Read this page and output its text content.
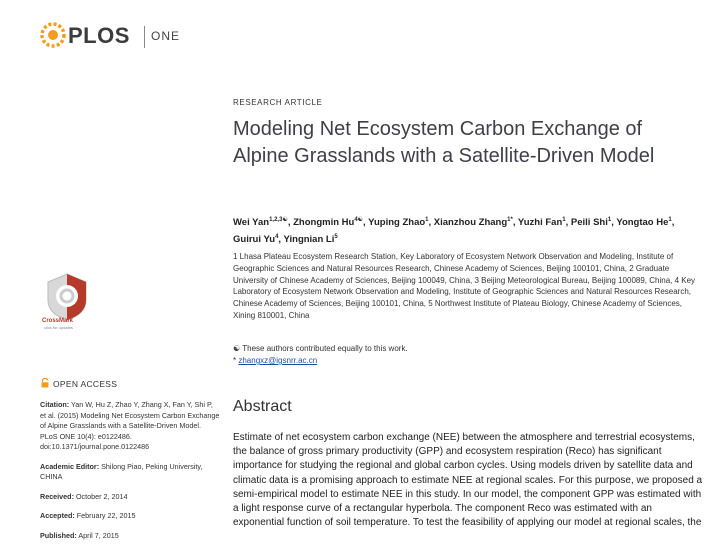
PLOS ONE
RESEARCH ARTICLE
Modeling Net Ecosystem Carbon Exchange of Alpine Grasslands with a Satellite-Driven Model
Wei Yan$^{1,2,3☯}$, Zhongmin $Hu^{4☯}$, Yuping Zhao$^1$, Xianzhou Zhang$^{1*}$, Yuzhi Fan$^1$, Peili Shi$^1$, Yongtao He$^1$, Guirui Yu$^4$, Yingnian Li$^5$
1 Lhasa Plateau Ecosystem Research Station, Key Laboratory of Ecosystem Network Observation and Modeling, Institute of Geographic Sciences and Natural Resources Research, Chinese Academy of Sciences, Beijing 100101, China, 2 Graduate University of Chinese Academy of Sciences, Beijing 100049, China, 3 Beijing Meteorological Bureau, Beijing 100089, China, 4 Key Laboratory of Ecosystem Network Observation and Modeling, Institute of Geographic Sciences and Natural Resources Research, Chinese Academy of Sciences, Beijing 100101, China, 5 Northwest Institute of Plateau Biology, Chinese Academy of Sciences, Xining 810001, China
☯ These authors contributed equally to this work.
* zhangxz@igsnrr.ac.cn
CrossMark
click for updates
OPEN ACCESS
Citation: Yan W, Hu Z, Zhao Y, Zhang X, Fan Y, Shi P, et al. (2015) Modeling Net Ecosystem Carbon Exchange of Alpine Grasslands with a Satellite-Driven Model. PLoS ONE 10(4): e0122486. doi:10.1371/journal.pone.0122486
Academic Editor: Shilong Piao, Peking University, CHINA
Received: October 2, 2014
Accepted: February 22, 2015
Published: April 7, 2015
Abstract
Estimate of net ecosystem carbon exchange (NEE) between the atmosphere and terrestrial ecosystems, the balance of gross primary productivity (GPP) and ecosystem respiration (Reco) has significant importance for studying the regional and global carbon cycles. Using models driven by satellite data and climatic data is a promising approach to estimate NEE at regional scales. For this purpose, we proposed a semi-empirical model to estimate NEE in this study. In our model, the component GPP was estimated with a light response curve of a rectangular hyperbola. The component Reco was estimated with an exponential function of soil temperature. To test the feasibility of applying our model at regional scales, the
